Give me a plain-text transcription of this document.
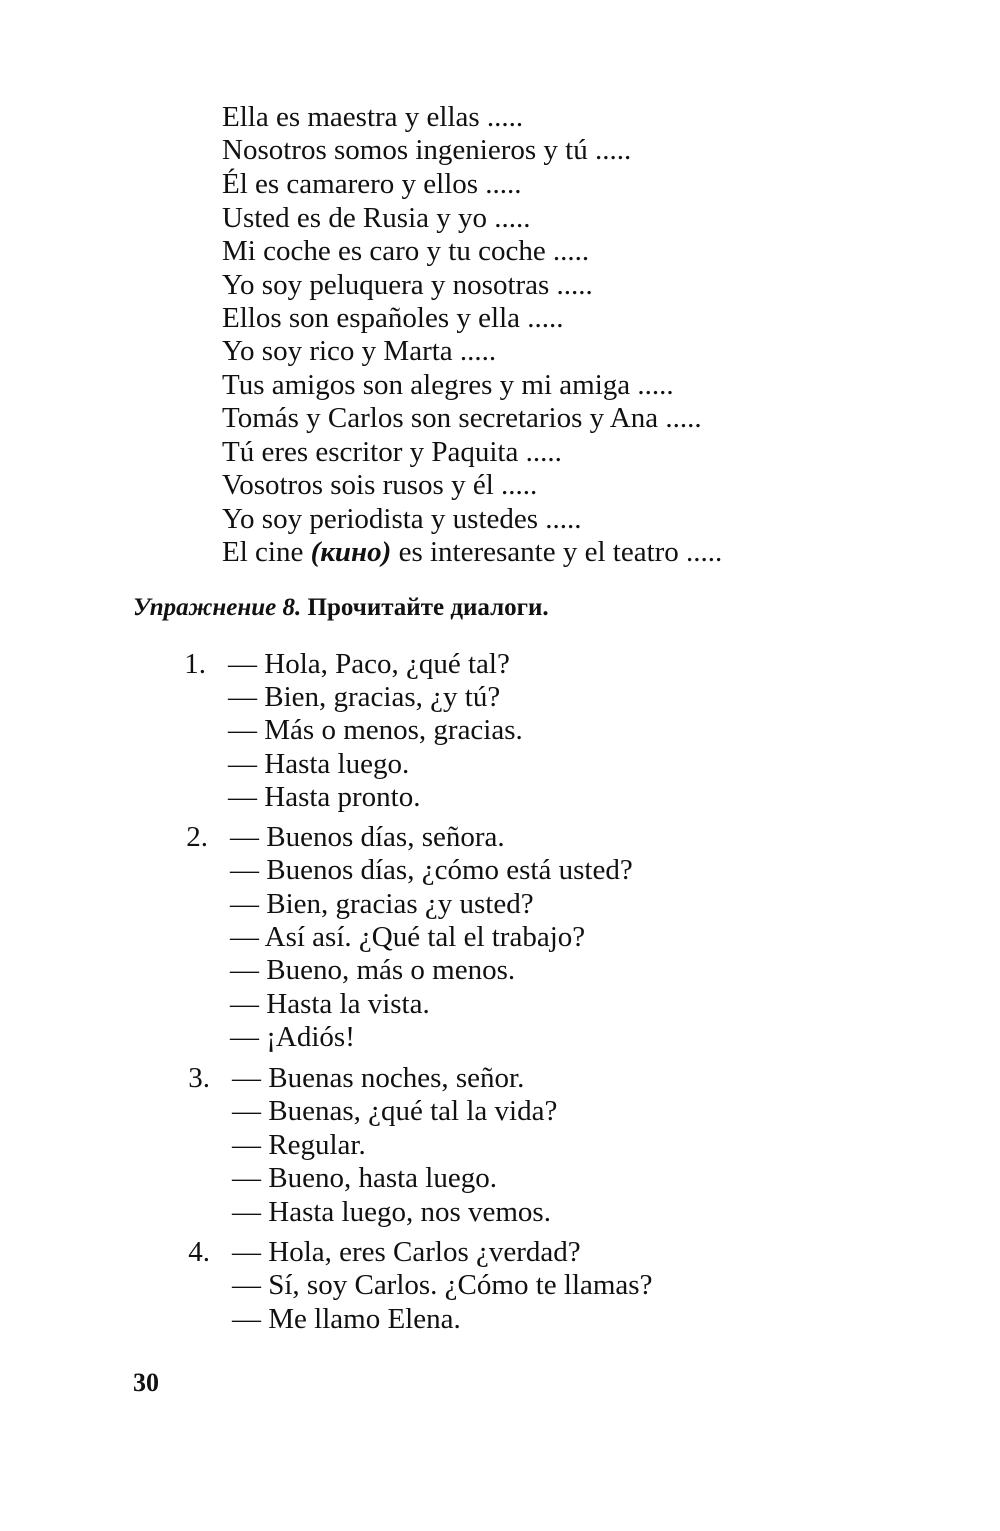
Ella es maestra y ellas .....
Nosotros somos ingenieros y tú .....
Él es camarero y ellos .....
Usted es de Rusia y yo .....
Mi coche es caro y tu coche .....
Yo soy peluquera y nosotras .....
Ellos son españoles y ella .....
Yo soy rico y Marta .....
Tus amigos son alegres y mi amiga .....
Tomás y Carlos son secretarios y Ana .....
Tú eres escritor y Paquita .....
Vosotros sois rusos y él .....
Yo soy periodista y ustedes .....
El cine (кино) es interesante y el teatro .....
Упражнение 8. Прочитайте диалоги.
1. — Hola, Paco, ¿qué tal?
— Bien, gracias, ¿y tú?
— Más o menos, gracias.
— Hasta luego.
— Hasta pronto.
2. — Buenos días, señora.
— Buenos días, ¿cómo está usted?
— Bien, gracias ¿y usted?
— Así así. ¿Qué tal el trabajo?
— Bueno, más o menos.
— Hasta la vista.
— ¡Adiós!
3. — Buenas noches, señor.
— Buenas, ¿qué tal la vida?
— Regular.
— Bueno, hasta luego.
— Hasta luego, nos vemos.
4. — Hola, eres Carlos ¿verdad?
— Sí, soy Carlos. ¿Cómo te llamas?
— Me llamo Elena.
30
